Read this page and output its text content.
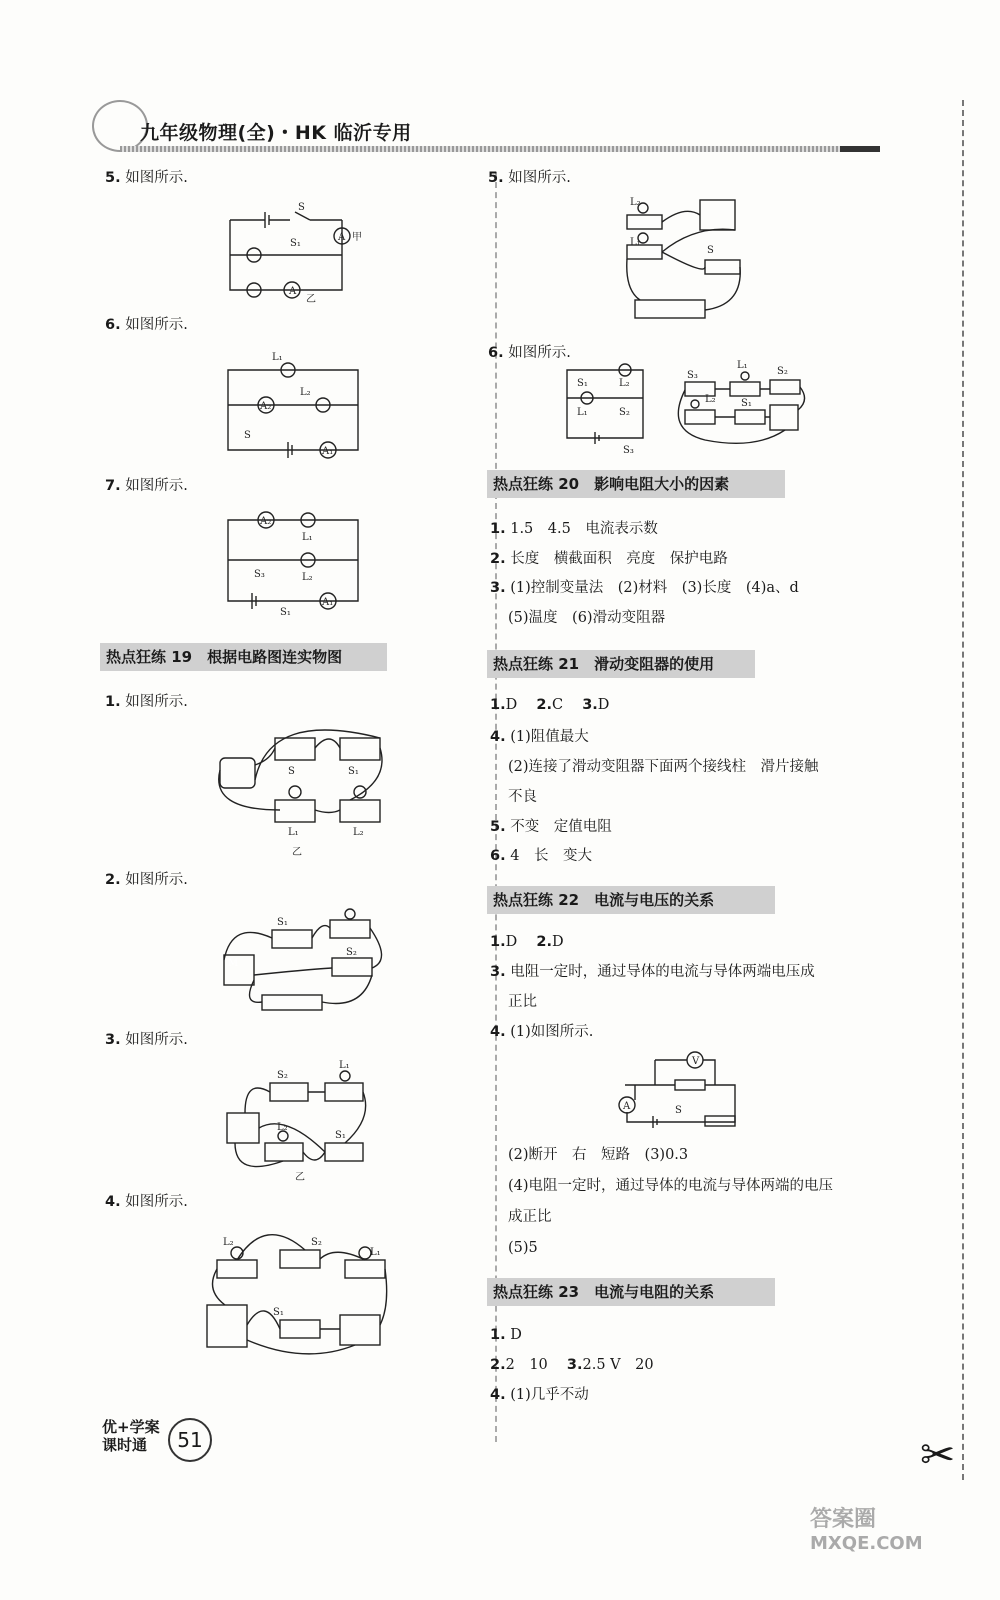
九年级物理(全)・HK 临沂专用
5. 如图所示.
S
S₁
A 甲
A
乙
6. 如图所示.
L₁
L₂
A₂
A₁
S
7. 如图所示.
A₂
L₁
S₃	L₂
A₁
S₁
热点狂练 19　根据电路图连实物图
1. 如图所示.
S	S₁
L₁	L₂
乙
2. 如图所示.
S₁
S₂
M
3. 如图所示.
S₂
L₁
L₂
S₁
乙
4. 如图所示.
L₂	S₂
L₁
S₁
5. 如图所示.
L₂
L₁
S
6. 如图所示.
S₁	L₂
L₁	S₂
S₃
S₃
L₁
S₂
L₂	S₁
热点狂练 20　影响电阻大小的因素
1. 1.5　4.5　电流表示数
2. 长度　横截面积　亮度　保护电路
3. (1)控制变量法　(2)材料　(3)长度　(4)a、d
(5)温度　(6)滑动变阻器
热点狂练 21　滑动变阻器的使用
1.D　 2.C　 3.D
4. (1)阻值最大
(2)连接了滑动变阻器下面两个接线柱　滑片接触
不良
5. 不变　定值电阻
6. 4　长　变大
热点狂练 22　电流与电压的关系
1.D　 2.D
3. 电阻一定时，通过导体的电流与导体两端电压成
正比
4. (1)如图所示.
V
A	S
(2)断开　右　短路　(3)0.3
(4)电阻一定时，通过导体的电流与导体两端的电压
成正比
(5)5
热点狂练 23　电流与电阻的关系
1. D
2.2　10　 3.2.5 V　20
4. (1)几乎不动
优+学案
课时通	51	✂
答案圈
MXQE.COM
